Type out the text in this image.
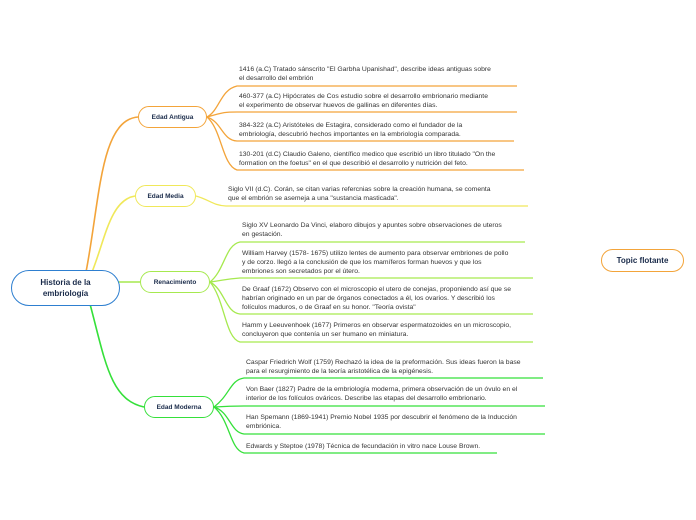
Historia de la
embriología
Topic flotante
Edad Antigua
Edad Media
Renacimiento
Edad Moderna
1416 (a.C) Tratado sánscrito "El Garbha Upanishad", describe ideas antiguas sobre
el desarrollo del embrión
460-377 (a.C) Hipócrates de Cos estudio sobre el desarrollo embrionario mediante
el experimento de observar huevos de gallinas en diferentes días.
384-322 (a.C) Aristóteles de Estagira, considerado como el fundador de la
embriología, descubrió hechos importantes en la embriología comparada.
130-201 (d.C) Claudio Galeno, científico medico que escribió un libro titulado "On the
formation on the foetus" en el que describió el desarrollo y nutrición del feto.
Siglo VII (d.C). Corán, se citan varias refercnias sobre la creación humana, se comenta
que el embrión se asemeja a una "sustancia masticada".
Siglo XV Leonardo Da Vinci, elaboro dibujos y apuntes sobre observaciones de uteros
en gestación.
William Harvey (1578- 1675) utilizo lentes de aumento para observar embriones de pollo
y de corzo. llegó a la conclusión de que los mamíferos forman huevos y que los
embriones son secretados por el útero.
De Graaf (1672) Observo con el microscopio el utero de conejas, proponiendo así que se
habrían originado en un par de órganos conectados a él, los ovarios. Y describió los
folículos maduros, o de Graaf en su honor. "Teoría ovista"
Hamm y Leeuvenhoek (1677) Primeros en observar espermatozoides en un microscopio,
concluyeron que contenía un ser humano en miniatura.
Caspar Friedrich Wolf (1759) Rechazó la idea de la preformación. Sus ideas fueron la base
para el resurgimiento de la teoría aristotélica de la epigénesis.
Von Baer (1827) Padre de la embriología moderna, primera observación de un óvulo en el
interior de los folículos ováricos. Describe las etapas del desarrollo embrionario.
Han Spemann (1869-1941) Premio Nobel 1935 por descubrir el fenómeno de la Inducción
embriónica.
Edwards y Steptoe (1978) Técnica de fecundación in vitro nace Louse Brown.
